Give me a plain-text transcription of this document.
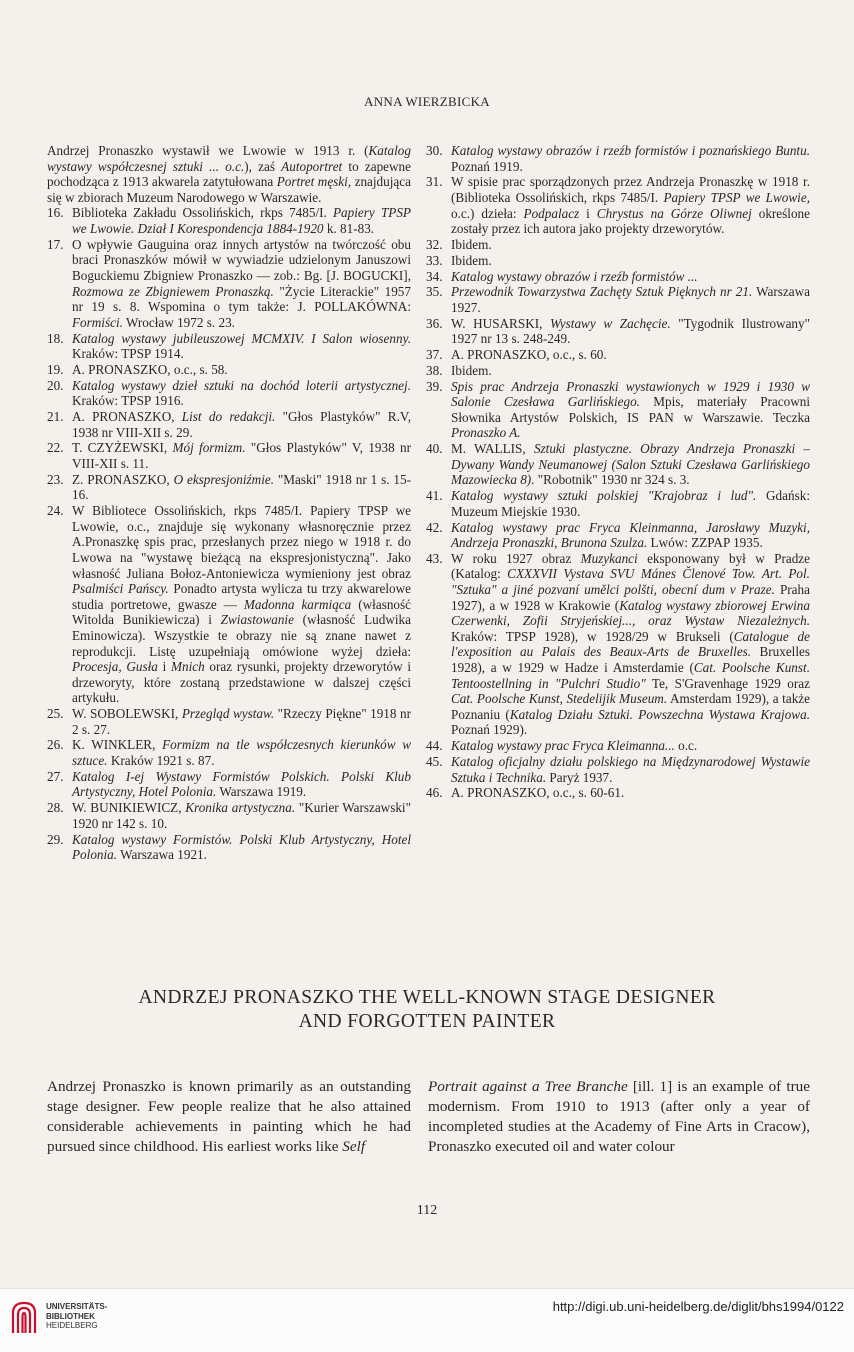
ANNA WIERZBICKA
Andrzej Pronaszko wystawił we Lwowie w 1913 r. (Katalog wystawy współczesnej sztuki ... o.c.), zaś Autoportret to zapewne pochodząca z 1913 akwarela zatytułowana Portret męski, znajdująca się w zbiorach Muzeum Narodowego w Warszawie.
16. Biblioteka Zakładu Ossolińskich, rkps 7485/I. Papiery TPSP we Lwowie. Dział I Korespondencja 1884-1920 k. 81-83.
17. O wpływie Gauguina oraz innych artystów na twórczość obu braci Pronaszków mówił w wywiadzie udzielonym Januszowi Boguckiemu Zbigniew Pronaszko — zob.: Bg. [J. BOGUCKI], Rozmowa ze Zbigniewem Pronaszką. "Życie Literackie" 1957 nr 19 s. 8. Wspomina o tym także: J. POLLAKÓWNA: Formiści. Wrocław 1972 s. 23.
18. Katalog wystawy jubileuszowej MCMXIV. I Salon wiosenny. Kraków: TPSP 1914.
19. A. PRONASZKO, o.c., s. 58.
20. Katalog wystawy dzieł sztuki na dochód loterii artystycznej. Kraków: TPSP 1916.
21. A. PRONASZKO, List do redakcji. "Głos Plastyków" R.V, 1938 nr VIII-XII s. 29.
22. T. CZYŻEWSKI, Mój formizm. "Głos Plastyków" V, 1938 nr VIII-XII s. 11.
23. Z. PRONASZKO, O ekspresjoniźmie. "Maski" 1918 nr 1 s. 15-16.
24. W Bibliotece Ossolińskich, rkps 7485/I. Papiery TPSP we Lwowie, o.c., znajduje się wykonany własnoręcznie przez A.Pronaszkę spis prac, przesłanych przez niego w 1918 r. do Lwowa na "wystawę bieżącą na ekspresjonistyczną". Jako własność Juliana Bołoz-Antoniewicza wymieniony jest obraz Psalmiści Pańscy. Ponadto artysta wylicza tu trzy akwarelowe studia portretowe, gwasze — Madonna karmiąca (własność Witolda Bunikiewicza) i Zwiastowanie (własność Ludwika Eminowicza). Wszystkie te obrazy nie są znane nawet z reprodukcji. Listę uzupełniają omówione wyżej dzieła: Procesja, Gusła i Mnich oraz rysunki, projekty drzeworytów i drzeworyty, które zostaną przedstawione w dalszej części artykułu.
25. W. SOBOLEWSKI, Przegląd wystaw. "Rzeczy Piękne" 1918 nr 2 s. 27.
26. K. WINKLER, Formizm na tle współczesnych kierunków w sztuce. Kraków 1921 s. 87.
27. Katalog I-ej Wystawy Formistów Polskich. Polski Klub Artystyczny, Hotel Polonia. Warszawa 1919.
28. W. BUNIKIEWICZ, Kronika artystyczna. "Kurier Warszawski" 1920 nr 142 s. 10.
29. Katalog wystawy Formistów. Polski Klub Artystyczny, Hotel Polonia. Warszawa 1921.
30. Katalog wystawy obrazów i rzeźb formistów i poznańskiego Buntu. Poznań 1919.
31. W spisie prac sporządzonych przez Andrzeja Pronaszkę w 1918 r. (Biblioteka Ossolińskich, rkps 7485/I. Papiery TPSP we Lwowie, o.c.) dzieła: Podpalacz i Chrystus na Górze Oliwnej określone zostały przez ich autora jako projekty drzeworytów.
32. Ibidem.
33. Ibidem.
34. Katalog wystawy obrazów i rzeźb formistów ...
35. Przewodnik Towarzystwa Zachęty Sztuk Pięknych nr 21. Warszawa 1927.
36. W. HUSARSKI, Wystawy w Zachęcie. "Tygodnik Ilustrowany" 1927 nr 13 s. 248-249.
37. A. PRONASZKO, o.c., s. 60.
38. Ibidem.
39. Spis prac Andrzeja Pronaszki wystawionych w 1929 i 1930 w Salonie Czesława Garlińskiego. Mpis, materiały Pracowni Słownika Artystów Polskich, IS PAN w Warszawie. Teczka Pronaszko A.
40. M. WALLIS, Sztuki plastyczne. Obrazy Andrzeja Pronaszki – Dywany Wandy Neumanowej (Salon Sztuki Czesława Garlińskiego Mazowiecka 8). "Robotnik" 1930 nr 324 s. 3.
41. Katalog wystawy sztuki polskiej "Krajobraz i lud". Gdańsk: Muzeum Miejskie 1930.
42. Katalog wystawy prac Fryca Kleinmanna, Jarosławy Muzyki, Andrzeja Pronaszki, Brunona Szulza. Lwów: ZZPAP 1935.
43. W roku 1927 obraz Muzykanci eksponowany był w Pradze (Katalog: CXXXVII Vystava SVU Mánes Členové Tow. Art. Pol. "Sztuka" a jiné pozvaní umělci polšti, obecní dum v Praze. Praha 1927), a w 1928 w Krakowie (Katalog wystawy zbiorowej Erwina Czerwenki, Zofii Stryjeńskiej..., oraz Wystaw Niezależnych. Kraków: TPSP 1928), w 1928/29 w Brukseli (Catalogue de l'exposition au Palais des Beaux-Arts de Bruxelles. Bruxelles 1928), a w 1929 w Hadze i Amsterdamie (Cat. Poolsche Kunst. Tentoostellning in "Pulchri Studio" Te, S'Gravenhage 1929 oraz Cat. Poolsche Kunst, Stedelijik Museum. Amsterdam 1929), a także Poznaniu (Katalog Działu Sztuki. Powszechna Wystawa Krajowa. Poznań 1929).
44. Katalog wystawy prac Fryca Kleimanna... o.c.
45. Katalog oficjalny działu polskiego na Międzynarodowej Wystawie Sztuka i Technika. Paryż 1937.
46. A. PRONASZKO, o.c., s. 60-61.
ANDRZEJ PRONASZKO THE WELL-KNOWN STAGE DESIGNER
AND FORGOTTEN PAINTER
Andrzej Pronaszko is known primarily as an outstanding stage designer. Few people realize that he also attained considerable achievements in painting which he had pursued since childhood. His earliest works like Self
Portrait against a Tree Branche [ill. 1] is an example of true modernism. From 1910 to 1913 (after only a year of incompleted studies at the Academy of Fine Arts in Cracow), Pronaszko executed oil and water colour
112
UNIVERSITÄTS-
BIBLIOTHEK
HEIDELBERG
http://digi.ub.uni-heidelberg.de/diglit/bhs1994/0122
